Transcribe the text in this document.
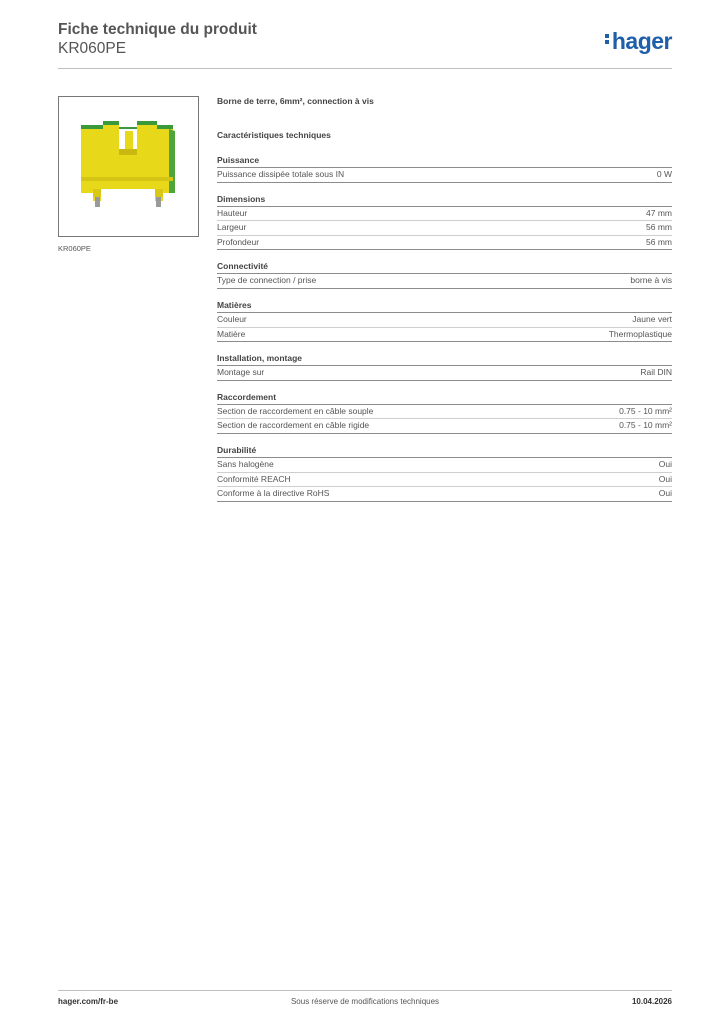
Fiche technique du produit
KR060PE	hager
KR060PE
Borne de terre, 6mm², connection à vis
Caractéristiques techniques
Puissance
Puissance dissipée totale sous IN	0 W
Dimensions
Hauteur	47 mm
Largeur	56 mm
Profondeur	56 mm
Connectivité
Type de connection / prise	borne à vis
Matières
Couleur	Jaune vert
Matière	Thermoplastique
Installation, montage
Montage sur	Rail DIN
Raccordement
Section de raccordement en câble souple	0.75 - 10 mm²
Section de raccordement en câble rigide	0.75 - 10 mm²
Durabilité
Sans halogène	Oui
Conformité REACH	Oui
Conforme à la directive RoHS	Oui
hager.com/fr-be	Sous réserve de modifications techniques	10.04.2026
